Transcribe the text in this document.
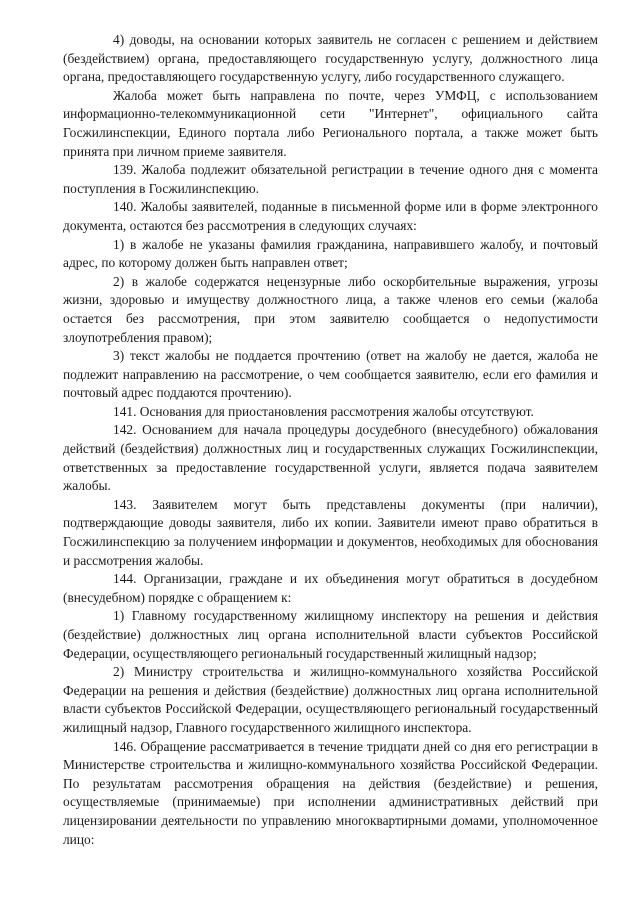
4) доводы, на основании которых заявитель не согласен с решением и действием (бездействием) органа, предоставляющего государственную услугу, должностного лица органа, предоставляющего государственную услугу, либо государственного служащего.

Жалоба может быть направлена по почте, через УМФЦ, с использованием информационно-телекоммуникационной сети "Интернет", официального сайта Госжилинспекции, Единого портала либо Регионального портала, а также может быть принята при личном приеме заявителя.

139. Жалоба подлежит обязательной регистрации в течение одного дня с момента поступления в Госжилинспекцию.

140. Жалобы заявителей, поданные в письменной форме или в форме электронного документа, остаются без рассмотрения в следующих случаях:

1) в жалобе не указаны фамилия гражданина, направившего жалобу, и почтовый адрес, по которому должен быть направлен ответ;

2) в жалобе содержатся нецензурные либо оскорбительные выражения, угрозы жизни, здоровью и имуществу должностного лица, а также членов его семьи (жалоба остается без рассмотрения, при этом заявителю сообщается о недопустимости злоупотребления правом);

3) текст жалобы не поддается прочтению (ответ на жалобу не дается, жалоба не подлежит направлению на рассмотрение, о чем сообщается заявителю, если его фамилия и почтовый адрес поддаются прочтению).

141. Основания для приостановления рассмотрения жалобы отсутствуют.

142. Основанием для начала процедуры досудебного (внесудебного) обжалования действий (бездействия) должностных лиц и государственных служащих Госжилинспекции, ответственных за предоставление государственной услуги, является подача заявителем жалобы.

143. Заявителем могут быть представлены документы (при наличии), подтверждающие доводы заявителя, либо их копии. Заявители имеют право обратиться в Госжилинспекцию за получением информации и документов, необходимых для обоснования и рассмотрения жалобы.

144. Организации, граждане и их объединения могут обратиться в досудебном (внесудебном) порядке с обращением к:

1) Главному государственному жилищному инспектору на решения и действия (бездействие) должностных лиц органа исполнительной власти субъектов Российской Федерации, осуществляющего региональный государственный жилищный надзор;

2) Министру строительства и жилищно-коммунального хозяйства Российской Федерации на решения и действия (бездействие) должностных лиц органа исполнительной власти субъектов Российской Федерации, осуществляющего региональный государственный жилищный надзор, Главного государственного жилищного инспектора.

146. Обращение рассматривается в течение тридцати дней со дня его регистрации в Министерстве строительства и жилищно-коммунального хозяйства Российской Федерации. По результатам рассмотрения обращения на действия (бездействие) и решения, осуществляемые (принимаемые) при исполнении административных действий при лицензировании деятельности по управлению многоквартирными домами, уполномоченное лицо:
